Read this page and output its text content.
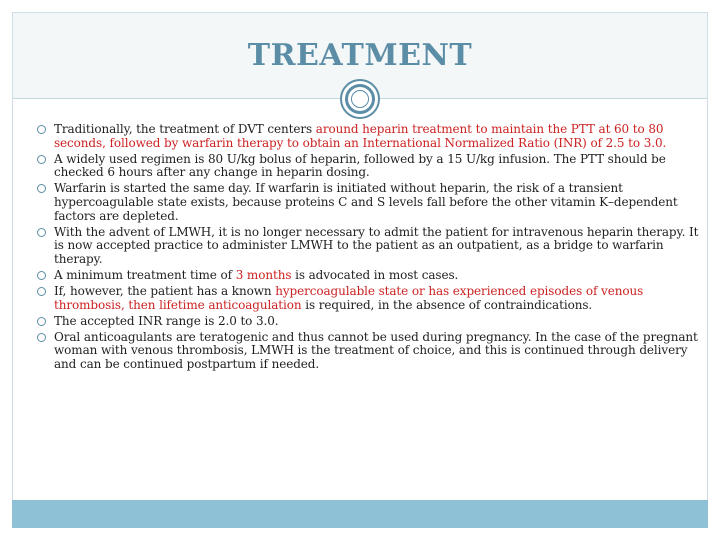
TREATMENT
Traditionally, the treatment of DVT centers around heparin treatment to maintain the PTT at 60 to 80 seconds, followed by warfarin therapy to obtain an International Normalized Ratio (INR) of 2.5 to 3.0.
A widely used regimen is 80 U/kg bolus of heparin, followed by a 15 U/kg infusion. The PTT should be checked 6 hours after any change in heparin dosing.
Warfarin is started the same day. If warfarin is initiated without heparin, the risk of a transient hypercoagulable state exists, because proteins C and S levels fall before the other vitamin K–dependent factors are depleted.
With the advent of LMWH, it is no longer necessary to admit the patient for intravenous heparin therapy. It is now accepted practice to administer LMWH to the patient as an outpatient, as a bridge to warfarin therapy.
A minimum treatment time of 3 months is advocated in most cases.
If, however, the patient has a known hypercoagulable state or has experienced episodes of venous thrombosis, then lifetime anticoagulation is required, in the absence of contraindications.
The accepted INR range is 2.0 to 3.0.
Oral anticoagulants are teratogenic and thus cannot be used during pregnancy. In the case of the pregnant woman with venous thrombosis, LMWH is the treatment of choice, and this is continued through delivery and can be continued postpartum if needed.
